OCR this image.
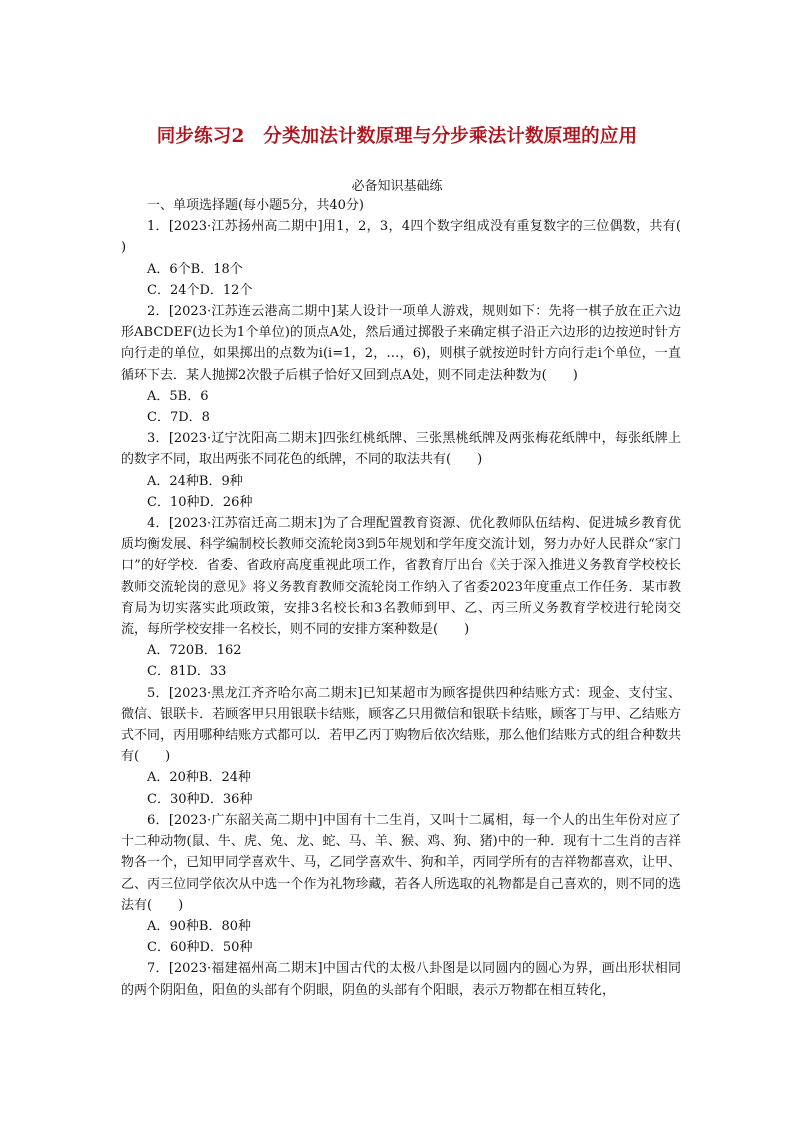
同步练习2　分类加法计数原理与分步乘法计数原理的应用
必备知识基础练

一、单项选择题(每小题5分，共40分)

1．[2023·江苏扬州高二期中]用1，2，3，4四个数字组成没有重复数字的三位偶数，共有(　　)

A．6个B．18个

C．24个D．12个

2．[2023·江苏连云港高二期中]某人设计一项单人游戏，规则如下：先将一棋子放在正六边形ABCDEF(边长为1个单位)的顶点A处，然后通过掷骰子来确定棋子沿正六边形的边按逆时针方向行走的单位，如果掷出的点数为i(i=1，2，…，6)，则棋子就按逆时针方向行走i个单位，一直循环下去．某人抛掷2次骰子后棋子恰好又回到点A处，则不同走法种数为(　　)

A．5B．6

C．7D．8

3．[2023·辽宁沈阳高二期末]四张红桃纸牌、三张黑桃纸牌及两张梅花纸牌中，每张纸牌上的数字不同，取出两张不同花色的纸牌，不同的取法共有(　　)

A．24种B．9种

C．10种D．26种

4．[2023·江苏宿迁高二期末]为了合理配置教育资源、优化教师队伍结构、促进城乡教育优质均衡发展、科学编制校长教师交流轮岗3到5年规划和学年度交流计划，努力办好人民群众“家门口”的好学校．省委、省政府高度重视此项工作，省教育厅出台《关于深入推进义务教育学校校长教师交流轮岗的意见》将义务教育教师交流轮岗工作纳入了省委2023年度重点工作任务．某市教育局为切实落实此项政策，安排3名校长和3名教师到甲、乙、丙三所义务教育学校进行轮岗交流，每所学校安排一名校长，则不同的安排方案种数是(　　)

A．720B．162

C．81D．33

5．[2023·黑龙江齐齐哈尔高二期末]已知某超市为顾客提供四种结账方式：现金、支付宝、微信、银联卡．若顾客甲只用银联卡结账，顾客乙只用微信和银联卡结账，顾客丁与甲、乙结账方式不同，丙用哪种结账方式都可以．若甲乙丙丁购物后依次结账，那么他们结账方式的组合种数共有(　　)

A．20种B．24种

C．30种D．36种

6．[2023·广东韶关高二期中]中国有十二生肖，又叫十二属相，每一个人的出生年份对应了十二种动物(鼠、牛、虎、兔、龙、蛇、马、羊、猴、鸡、狗、猪)中的一种．现有十二生肖的吉祥物各一个，已知甲同学喜欢牛、马，乙同学喜欢牛、狗和羊，丙同学所有的吉祥物都喜欢，让甲、乙、丙三位同学依次从中选一个作为礼物珍藏，若各人所选取的礼物都是自己喜欢的，则不同的选法有(　　)

A．90种B．80种

C．60种D．50种

7．[2023·福建福州高二期末]中国古代的太极八卦图是以同圆内的圆心为界，画出形状相同的两个阴阳鱼，阳鱼的头部有个阴眼，阴鱼的头部有个阳眼，表示万物都在相互转化，
